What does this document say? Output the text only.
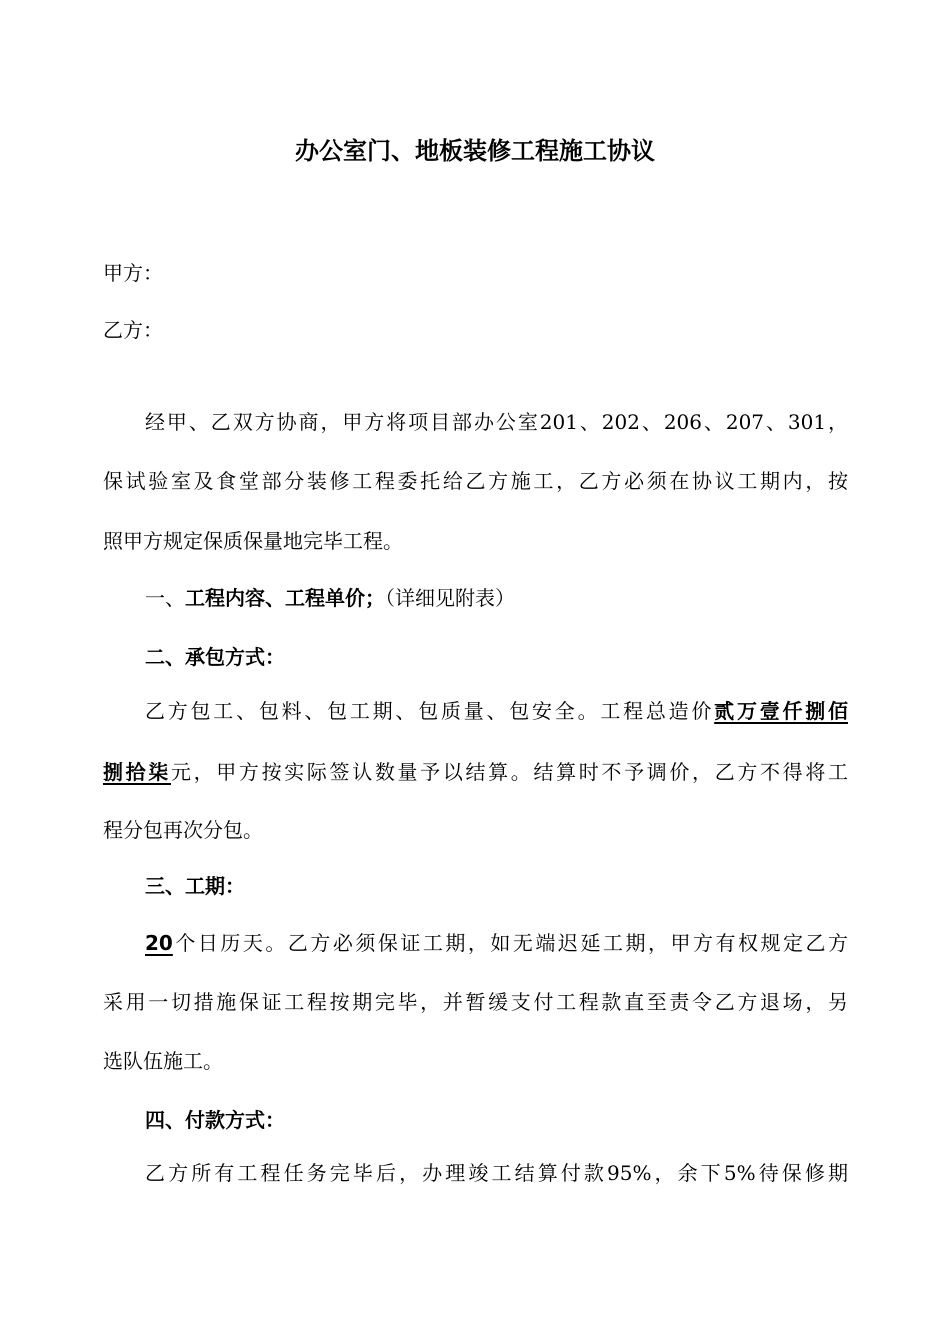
办公室门、地板装修工程施工协议
甲方：
乙方：
经甲、乙双方协商，甲方将项目部办公室201、202、206、207、301，
保试验室及食堂部分装修工程委托给乙方施工，乙方必须在协议工期内，按
照甲方规定保质保量地完毕工程。
一、工程内容、工程单价；（详细见附表）
二、承包方式：
乙方包工、包料、包工期、包质量、包安全。工程总造价贰万壹仟捌佰
捌拾柒元，甲方按实际签认数量予以结算。结算时不予调价，乙方不得将工
程分包再次分包。
三、工期：
20个日历天。乙方必须保证工期，如无端迟延工期，甲方有权规定乙方
采用一切措施保证工程按期完毕，并暂缓支付工程款直至责令乙方退场，另
选队伍施工。
四、付款方式：
乙方所有工程任务完毕后，办理竣工结算付款95%，余下5%待保修期
